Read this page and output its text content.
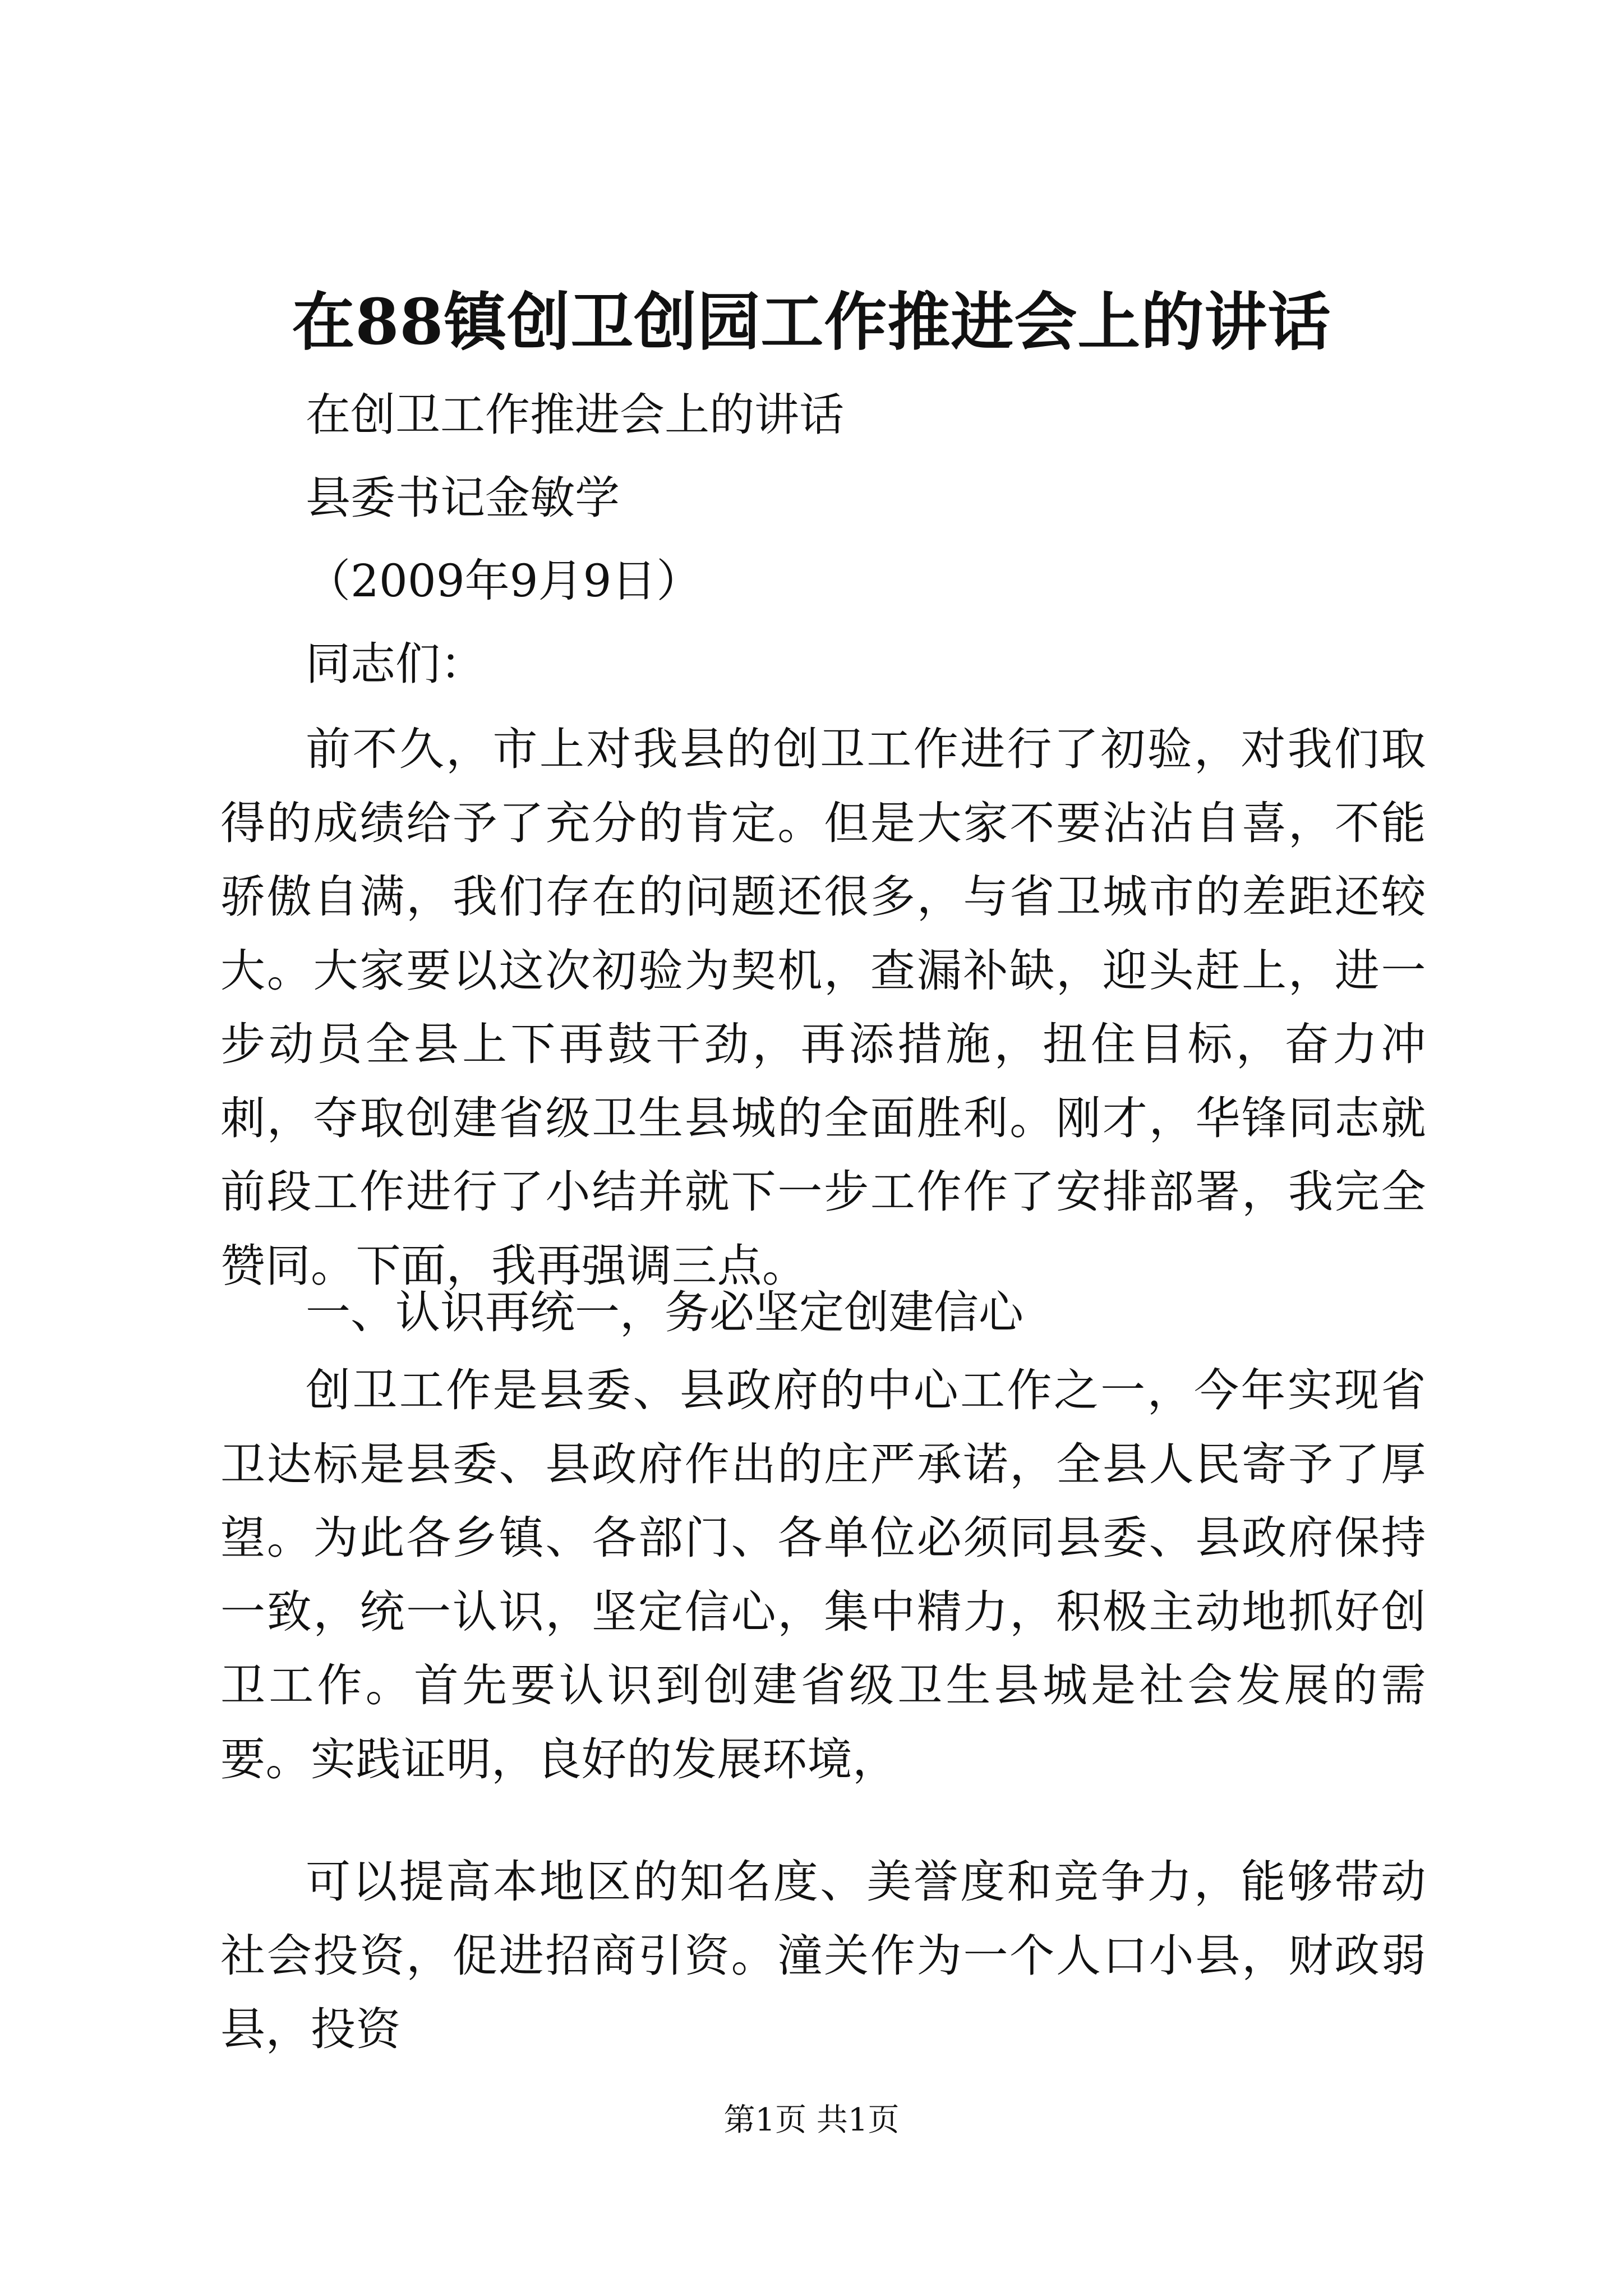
在88镇创卫创园工作推进会上的讲话
在创卫工作推进会上的讲话
县委书记金敏学
（2009年9月9日）
同志们：

前不久，市上对我县的创卫工作进行了初验，对我们取得的成绩给予了充分的肯定。但是大家不要沾沾自喜，不能骄傲自满，我们存在的问题还很多，与省卫城市的差距还较大。大家要以这次初验为契机，查漏补缺，迎头赶上，进一步动员全县上下再鼓干劲，再添措施，扭住目标，奋力冲刺，夺取创建省级卫生县城的全面胜利。刚才，华锋同志就前段工作进行了小结并就下一步工作作了安排部署，我完全赞同。下面，我再强调三点。

一、认识再统一，务必坚定创建信心

创卫工作是县委、县政府的中心工作之一，今年实现省卫达标是县委、县政府作出的庄严承诺，全县人民寄予了厚望。为此各乡镇、各部门、各单位必须同县委、县政府保持一致，统一认识，坚定信心，集中精力，积极主动地抓好创卫工作。首先要认识到创建省级卫生县城是社会发展的需要。实践证明，良好的发展环境，

可以提高本地区的知名度、美誉度和竞争力，能够带动社会投资，促进招商引资。潼关作为一个人口小县，财政弱县，投资

第1页 共1页
